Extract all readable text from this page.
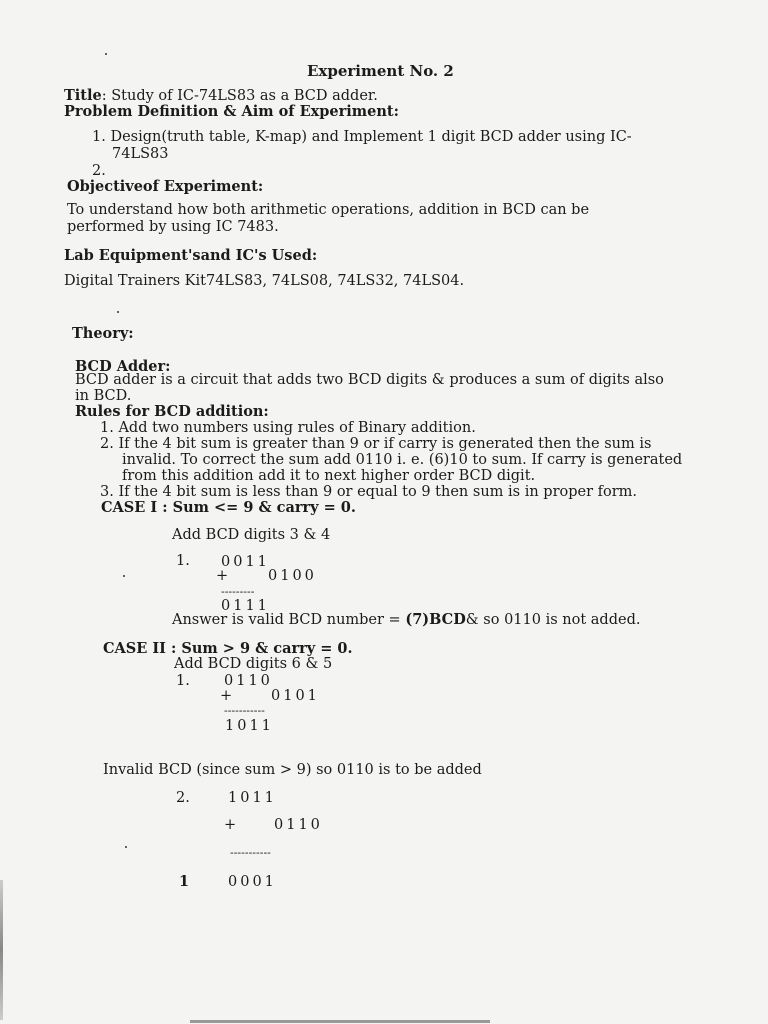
Experiment No. 2
Title: Study of IC-74LS83 as a BCD adder.
Problem Definition & Aim of Experiment:
1. Design(truth table, K-map) and Implement 1 digit BCD adder using IC-
74LS83
2.
Objectiveof Experiment:
To understand how both arithmetic operations, addition in BCD can be
performed by using IC 7483.
Lab Equipment'sand IC's Used:
Digital Trainers Kit74LS83, 74LS08, 74LS32, 74LS04.
Theory:
BCD Adder:
BCD adder is a circuit that adds two BCD digits & produces a sum of digits also
in BCD.
Rules for BCD addition:
1. Add two numbers using rules of Binary addition.
2. If the 4 bit sum is greater than 9 or if carry is generated then the sum is
invalid. To correct the sum add 0110 i. e. (6)10 to sum. If carry is generated
from this addition add it to next higher order BCD digit.
3. If the 4 bit sum is less than 9 or equal to 9 then sum is in proper form.
CASE I : Sum <= 9 & carry = 0.
Add BCD digits 3 & 4
1. 0011
+	0100
---------
0111
Answer is valid BCD number = (7)BCD& so 0110 is not added.
CASE II : Sum > 9 & carry = 0.
Add BCD digits 6 & 5
1. 0110
+	0101
-----------
1011
Invalid BCD (since sum > 9) so 0110 is to be added
2.	1011
+	0110
-----------
1	0001
